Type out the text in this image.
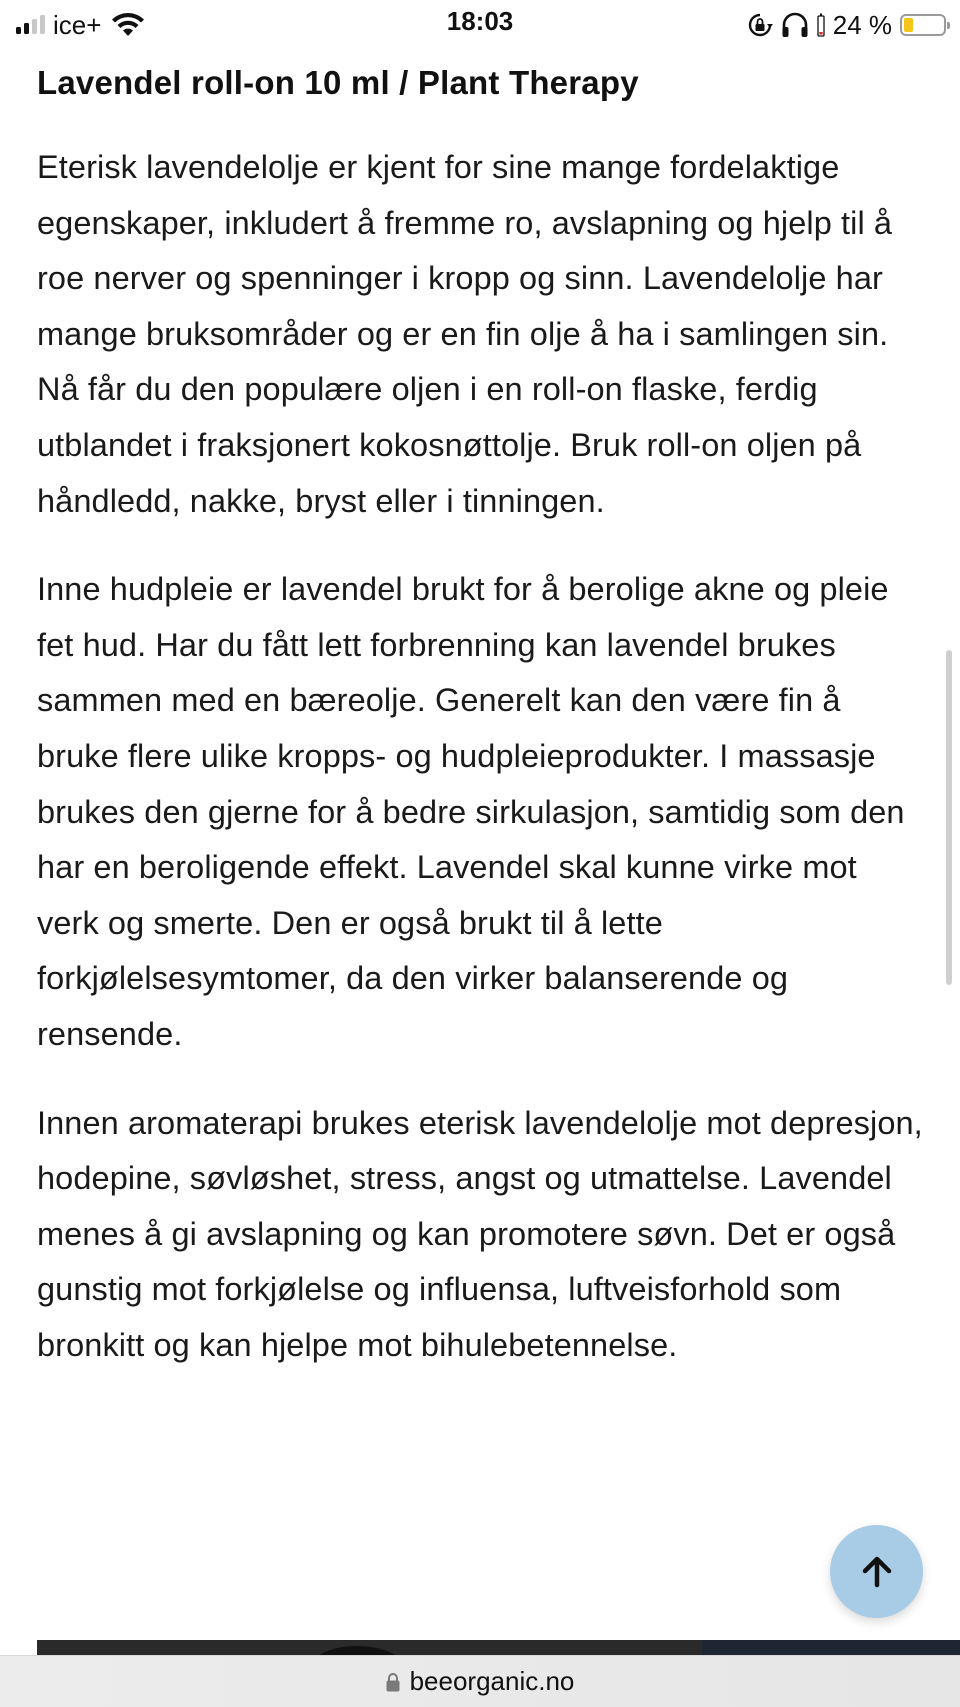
ice+	18:03	24 %
Lavendel roll-on 10 ml / Plant Therapy

Eterisk lavendelolje er kjent for sine mange fordelaktige egenskaper, inkludert å fremme ro, avslapning og hjelp til å roe nerver og spenninger i kropp og sinn. Lavendelolje har mange bruksområder og er en fin olje å ha i samlingen sin. Nå får du den populære oljen i en roll-on flaske, ferdig utblandet i fraksjonert kokosnøttolje. Bruk roll-on oljen på håndledd, nakke, bryst eller i tinningen.

Inne hudpleie er lavendel brukt for å berolige akne og pleie fet hud. Har du fått lett forbrenning kan lavendel brukes sammen med en bæreolje. Generelt kan den være fin å bruke flere ulike kropps- og hudpleieprodukter. I massasje brukes den gjerne for å bedre sirkulasjon, samtidig som den har en beroligende effekt. Lavendel skal kunne virke mot verk og smerte. Den er også brukt til å lette forkjølelsesymtomer, da den virker balanserende og rensende.

Innen aromaterapi brukes eterisk lavendelolje mot depresjon, hodepine, søvløshet, stress, angst og utmattelse. Lavendel menes å gi avslapning og kan promotere søvn. Det er også gunstig mot forkjølelse og influensa, luftveisforhold som bronkitt og kan hjelpe mot bihulebetennelse.

beeorganic.no
